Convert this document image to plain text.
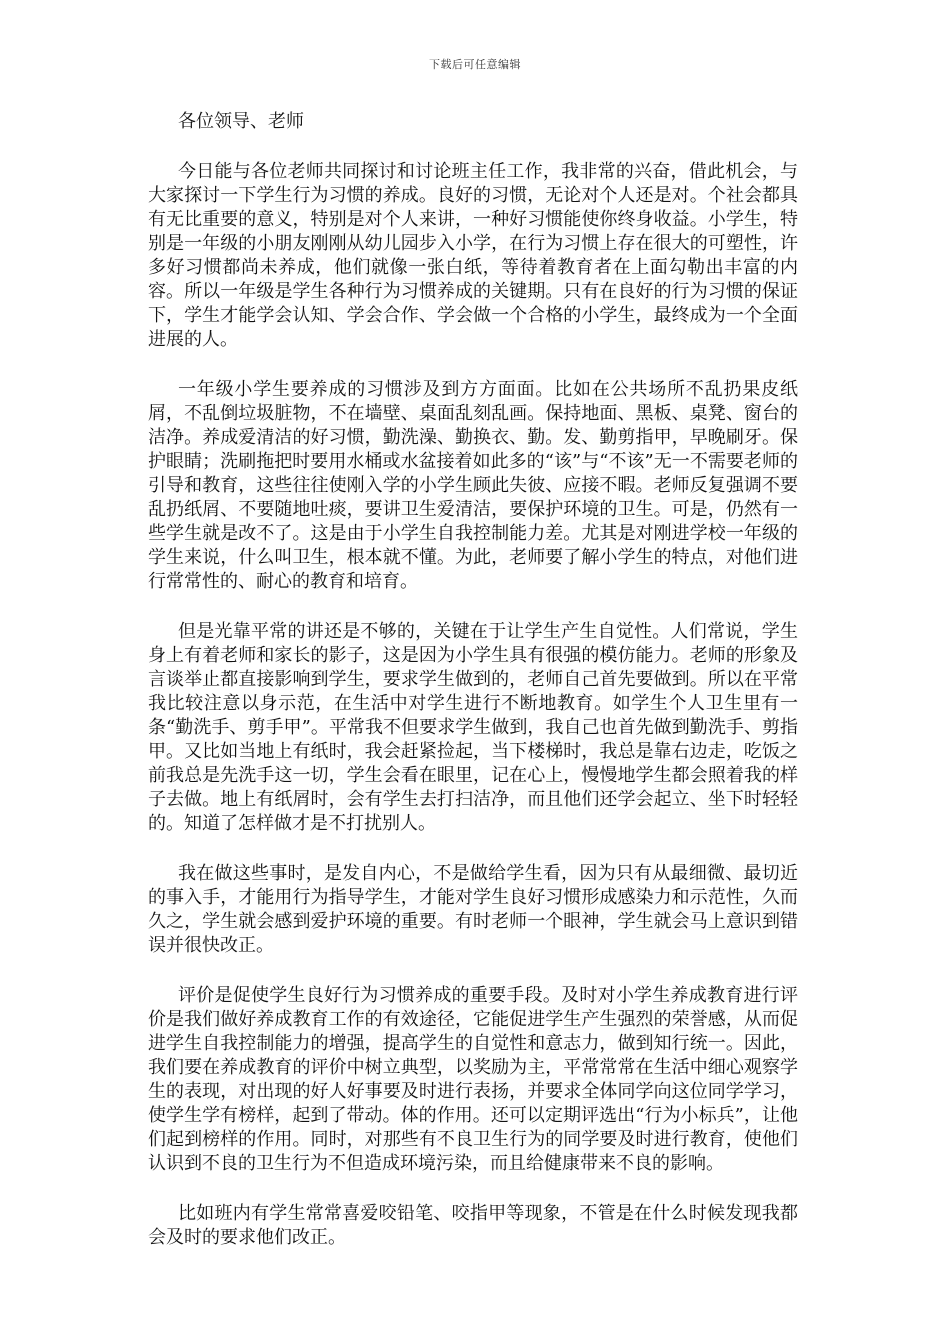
下载后可任意编辑

各位领导、老师

今日能与各位老师共同探讨和讨论班主任工作，我非常的兴奋，借此机会，与大家探讨一下学生行为习惯的养成。良好的习惯，无论对个人还是对。个社会都具有无比重要的意义，特别是对个人来讲，一种好习惯能使你终身收益。小学生，特别是一年级的小朋友刚刚从幼儿园步入小学，在行为习惯上存在很大的可塑性，许多好习惯都尚未养成，他们就像一张白纸，等待着教育者在上面勾勒出丰富的内容。所以一年级是学生各种行为习惯养成的关键期。只有在良好的行为习惯的保证下，学生才能学会认知、学会合作、学会做一个合格的小学生，最终成为一个全面进展的人。

一年级小学生要养成的习惯涉及到方方面面。比如在公共场所不乱扔果皮纸屑，不乱倒垃圾脏物，不在墙壁、桌面乱刻乱画。保持地面、黑板、桌凳、窗台的洁净。养成爱清洁的好习惯，勤洗澡、勤换衣、勤。发、勤剪指甲，早晚刷牙。保护眼睛；洗刷拖把时要用水桶或水盆接着如此多的“该”与“不该”无一不需要老师的引导和教育，这些往往使刚入学的小学生顾此失彼、应接不暇。老师反复强调不要乱扔纸屑、不要随地吐痰，要讲卫生爱清洁，要保护环境的卫生。可是，仍然有一些学生就是改不了。这是由于小学生自我控制能力差。尤其是对刚进学校一年级的学生来说，什么叫卫生，根本就不懂。为此，老师要了解小学生的特点，对他们进行常常性的、耐心的教育和培育。

但是光靠平常的讲还是不够的，关键在于让学生产生自觉性。人们常说，学生身上有着老师和家长的影子，这是因为小学生具有很强的模仿能力。老师的形象及言谈举止都直接影响到学生，要求学生做到的，老师自己首先要做到。所以在平常我比较注意以身示范，在生活中对学生进行不断地教育。如学生个人卫生里有一条“勤洗手、剪手甲”。平常我不但要求学生做到，我自己也首先做到勤洗手、剪指甲。又比如当地上有纸时，我会赶紧捡起，当下楼梯时，我总是靠右边走，吃饭之前我总是先洗手这一切，学生会看在眼里，记在心上，慢慢地学生都会照着我的样子去做。地上有纸屑时，会有学生去打扫洁净，而且他们还学会起立、坐下时轻轻的。知道了怎样做才是不打扰别人。

我在做这些事时，是发自内心，不是做给学生看，因为只有从最细微、最切近的事入手，才能用行为指导学生，才能对学生良好习惯形成感染力和示范性，久而久之，学生就会感到爱护环境的重要。有时老师一个眼神，学生就会马上意识到错误并很快改正。

评价是促使学生良好行为习惯养成的重要手段。及时对小学生养成教育进行评价是我们做好养成教育工作的有效途径，它能促进学生产生强烈的荣誉感，从而促进学生自我控制能力的增强，提高学生的自觉性和意志力，做到知行统一。因此，我们要在养成教育的评价中树立典型，以奖励为主，平常常常在生活中细心观察学生的表现，对出现的好人好事要及时进行表扬，并要求全体同学向这位同学学习，使学生学有榜样，起到了带动。体的作用。还可以定期评选出“行为小标兵”，让他们起到榜样的作用。同时，对那些有不良卫生行为的同学要及时进行教育，使他们认识到不良的卫生行为不但造成环境污染，而且给健康带来不良的影响。

比如班内有学生常常喜爱咬铅笔、咬指甲等现象，不管是在什么时候发现我都会及时的要求他们改正。
